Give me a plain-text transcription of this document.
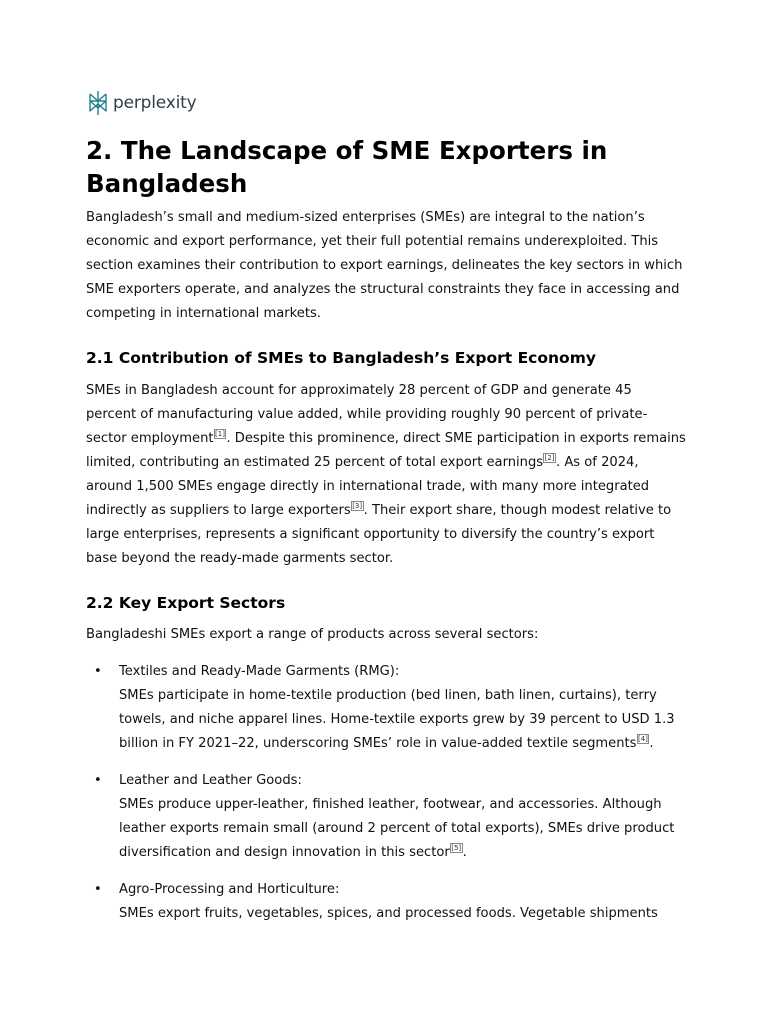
perplexity
2. The Landscape of SME Exporters in Bangladesh

Bangladesh’s small and medium-sized enterprises (SMEs) are integral to the nation’s economic and export performance, yet their full potential remains underexploited. This section examines their contribution to export earnings, delineates the key sectors in which SME exporters operate, and analyzes the structural constraints they face in accessing and competing in international markets.

2.1 Contribution of SMEs to Bangladesh’s Export Economy

SMEs in Bangladesh account for approximately 28 percent of GDP and generate 45 percent of manufacturing value added, while providing roughly 90 percent of private-sector employment [1] . Despite this prominence, direct SME participation in exports remains limited, contributing an estimated 25 percent of total export earnings [2] . As of 2024, around 1,500 SMEs engage directly in international trade, with many more integrated indirectly as suppliers to large exporters [3] . Their export share, though modest relative to large enterprises, represents a significant opportunity to diversify the country’s export base beyond the ready-made garments sector.

2.2 Key Export Sectors

Bangladeshi SMEs export a range of products across several sectors:

• Textiles and Ready-Made Garments (RMG):
SMEs participate in home-textile production (bed linen, bath linen, curtains), terry towels, and niche apparel lines. Home-textile exports grew by 39 percent to USD 1.3 billion in FY 2021–22, underscoring SMEs’ role in value-added textile segments [4] .
• Leather and Leather Goods:
SMEs produce upper-leather, finished leather, footwear, and accessories. Although leather exports remain small (around 2 percent of total exports), SMEs drive product diversification and design innovation in this sector [5] .
• Agro-Processing and Horticulture:
SMEs export fruits, vegetables, spices, and processed foods. Vegetable shipments
